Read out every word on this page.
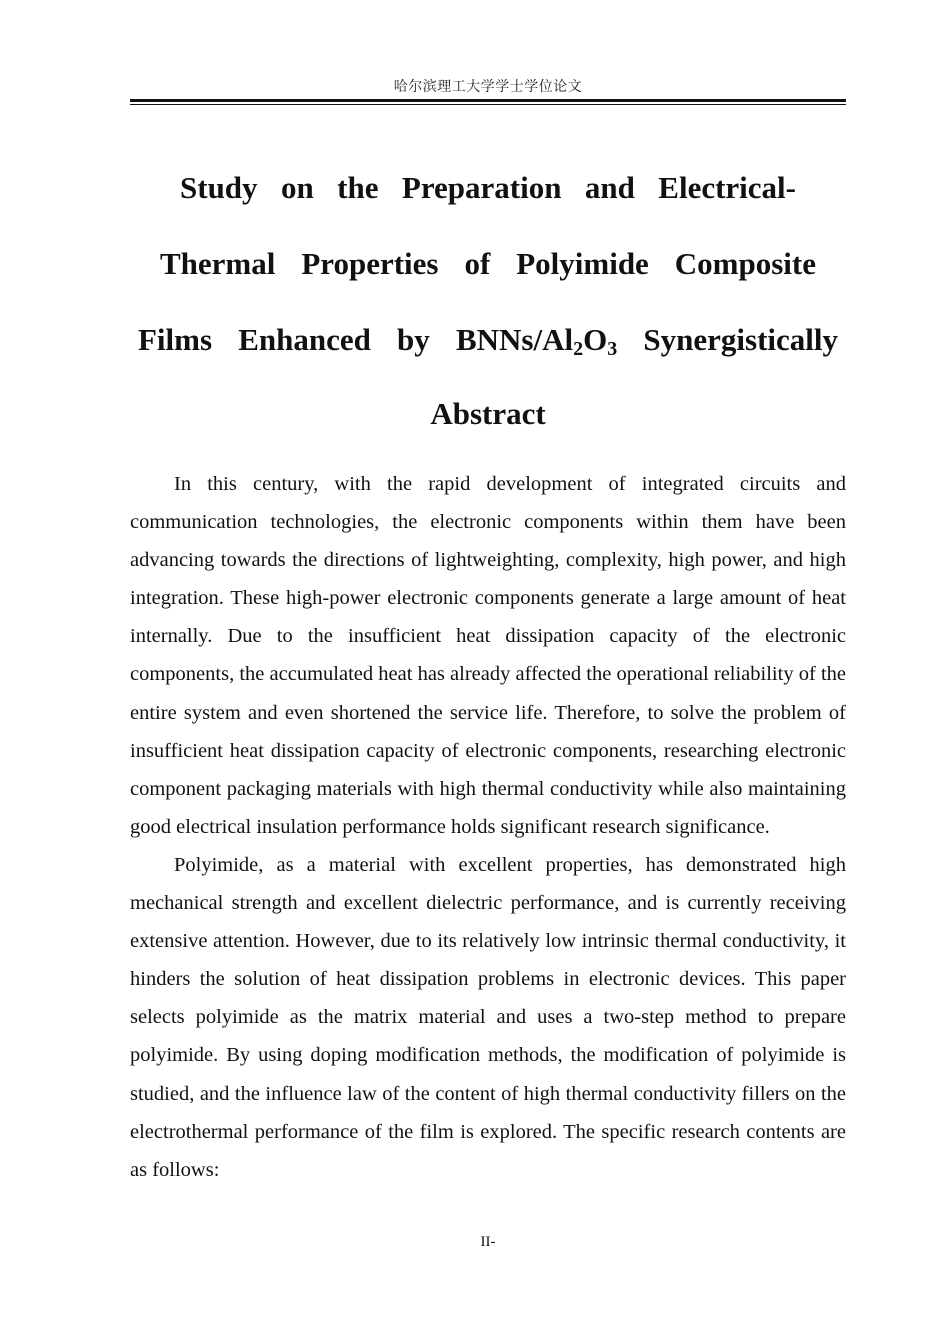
哈尔滨理工大学学士学位论文
Study on the Preparation and Electrical-
Thermal Properties of Polyimide Composite
Films Enhanced by BNNs/$Al_2O_3$ Synergistically
Abstract

In this century, with the rapid development of integrated circuits and communication technologies, the electronic components within them have been advancing towards the directions of lightweighting, complexity, high power, and high integration. These high-power electronic components generate a large amount of heat internally. Due to the insufficient heat dissipation capacity of the electronic components, the accumulated heat has already affected the operational reliability of the entire system and even shortened the service life. Therefore, to solve the problem of insufficient heat dissipation capacity of electronic components, researching electronic component packaging materials with high thermal conductivity while also maintaining good electrical insulation performance holds significant research significance.

Polyimide, as a material with excellent properties, has demonstrated high mechanical strength and excellent dielectric performance, and is currently receiving extensive attention. However, due to its relatively low intrinsic thermal conductivity, it hinders the solution of heat dissipation problems in electronic devices. This paper selects polyimide as the matrix material and uses a two-step method to prepare polyimide. By using doping modification methods, the modification of polyimide is studied, and the influence law of the content of high thermal conductivity fillers on the electrothermal performance of the film is explored. The specific research contents are as follows:

II-
